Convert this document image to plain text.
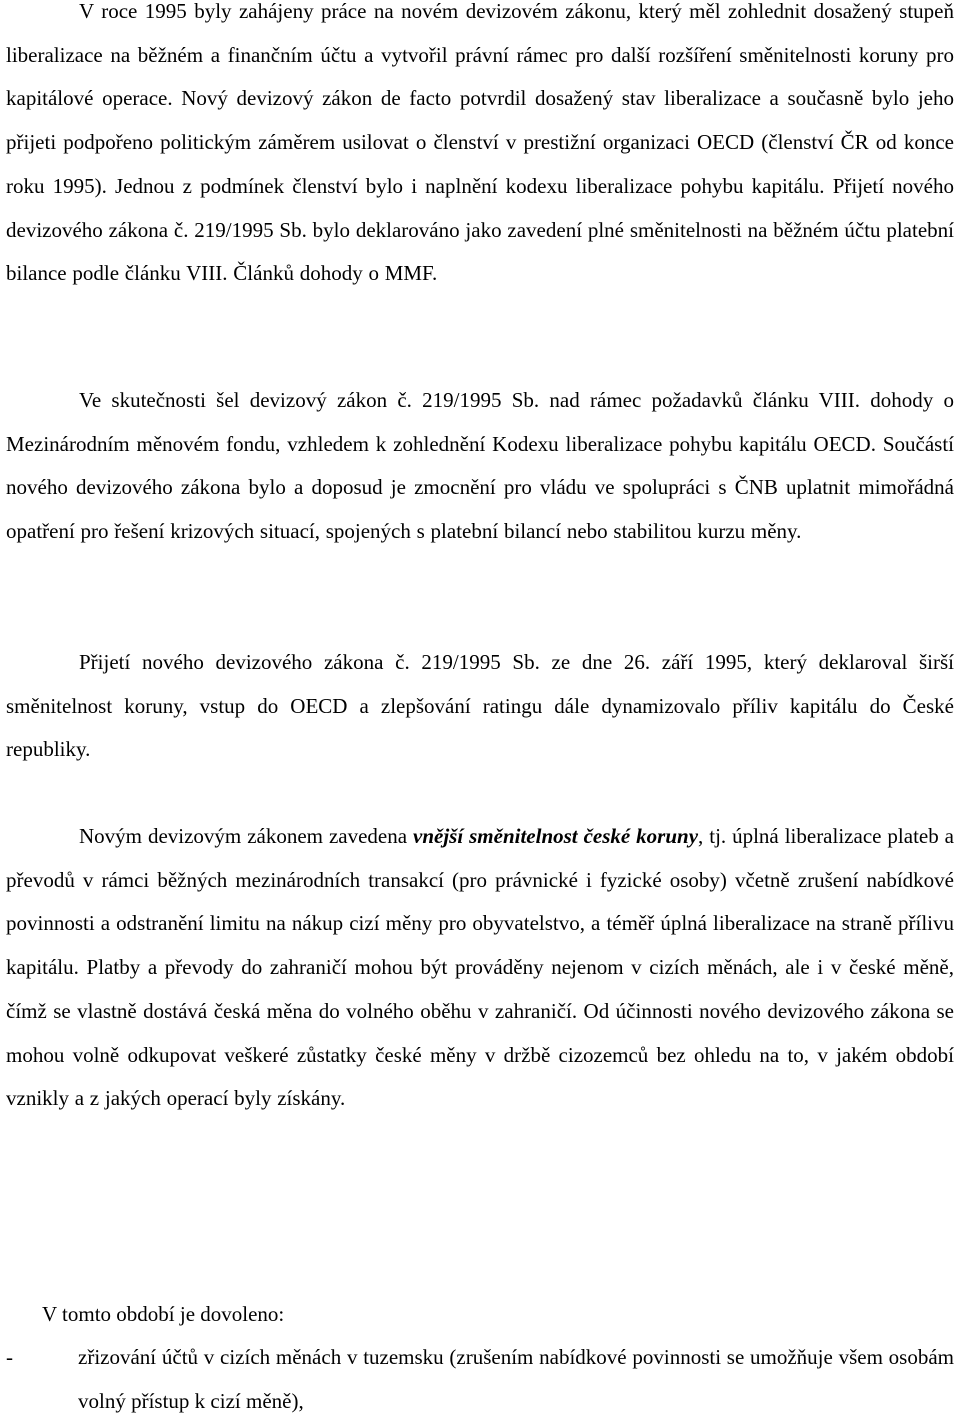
V roce 1995 byly zahájeny práce na novém devizovém zákonu, který měl zohlednit dosažený stupeň liberalizace na běžném a finančním účtu a vytvořil právní rámec pro další rozšíření směnitelnosti koruny pro kapitálové operace. Nový devizový zákon de facto potvrdil dosažený stav liberalizace a současně bylo jeho přijeti podpořeno politickým záměrem usilovat o členství v prestižní organizaci OECD (členství ČR od konce roku 1995). Jednou z podmínek členství bylo i naplnění kodexu liberalizace pohybu kapitálu. Přijetí nového devizového zákona č. 219/1995 Sb. bylo deklarováno jako zavedení plné směnitelnosti na běžném účtu platební bilance podle článku VIII. Článků dohody o MMF.

Ve skutečnosti šel devizový zákon č. 219/1995 Sb. nad rámec požadavků článku VIII. dohody o Mezinárodním měnovém fondu, vzhledem k zohlednění Kodexu liberalizace pohybu kapitálu OECD. Součástí nového devizového zákona bylo a doposud je zmocnění pro vládu ve spolupráci s ČNB uplatnit mimořádná opatření pro řešení krizových situací, spojených s platební bilancí nebo stabilitou kurzu měny.

Přijetí nového devizového zákona č. 219/1995 Sb. ze dne 26. září 1995, který deklaroval širší směnitelnost koruny, vstup do OECD a zlepšování ratingu dále dynamizovalo příliv kapitálu do České republiky.

Novým devizovým zákonem zavedena vnější směnitelnost české koruny, tj. úplná liberalizace plateb a převodů v rámci běžných mezinárodních transakcí (pro právnické i fyzické osoby) včetně zrušení nabídkové povinnosti a odstranění limitu na nákup cizí měny pro obyvatelstvo, a téměř úplná liberalizace na straně přílivu kapitálu. Platby a převody do zahraničí mohou být prováděny nejenom v cizích měnách, ale i v české měně, čímž se vlastně dostává česká měna do volného oběhu v zahraničí. Od účinnosti nového devizového zákona se mohou volně odkupovat veškeré zůstatky české měny v držbě cizozemců bez ohledu na to, v jakém období vznikly a z jakých operací byly získány.

V tomto období je dovoleno:

-	zřizování účtů v cizích měnách v tuzemsku (zrušením nabídkové povinnosti se umožňuje všem osobám volný přístup k cizí měně),
